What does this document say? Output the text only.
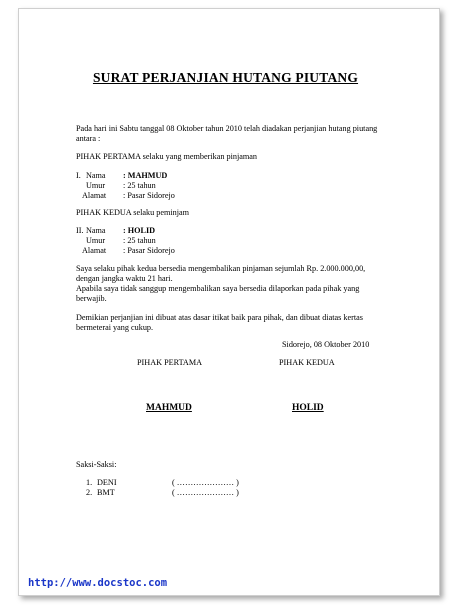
SURAT PERJANJIAN HUTANG PIUTANG
Pada hari ini Sabtu tanggal 08 Oktober tahun 2010 telah diadakan perjanjian hutang piutang
antara :
PIHAK PERTAMA selaku yang memberikan pinjaman
I. Nama : MAHMUD
Umur : 25 tahun
Alamat : Pasar Sidorejo
PIHAK KEDUA selaku peminjam
II. Nama : HOLID
Umur : 25 tahun
Alamat : Pasar Sidorejo
Saya selaku pihak kedua bersedia mengembalikan pinjaman sejumlah Rp. 2.000.000,00,
dengan jangka waktu 21 hari.
Apabila saya tidak sanggup mengembalikan saya bersedia dilaporkan pada pihak yang
berwajib.
Demikian perjanjian ini dibuat atas dasar itikat baik para pihak, dan dibuat diatas kertas
bermeterai yang cukup.
Sidorejo, 08 Oktober 2010
PIHAK PERTAMA	PIHAK KEDUA
MAHMUD	HOLID
Saksi-Saksi:
1. DENI	( ………………… )
2. BMT	( ………………… )
http://www.docstoc.com
